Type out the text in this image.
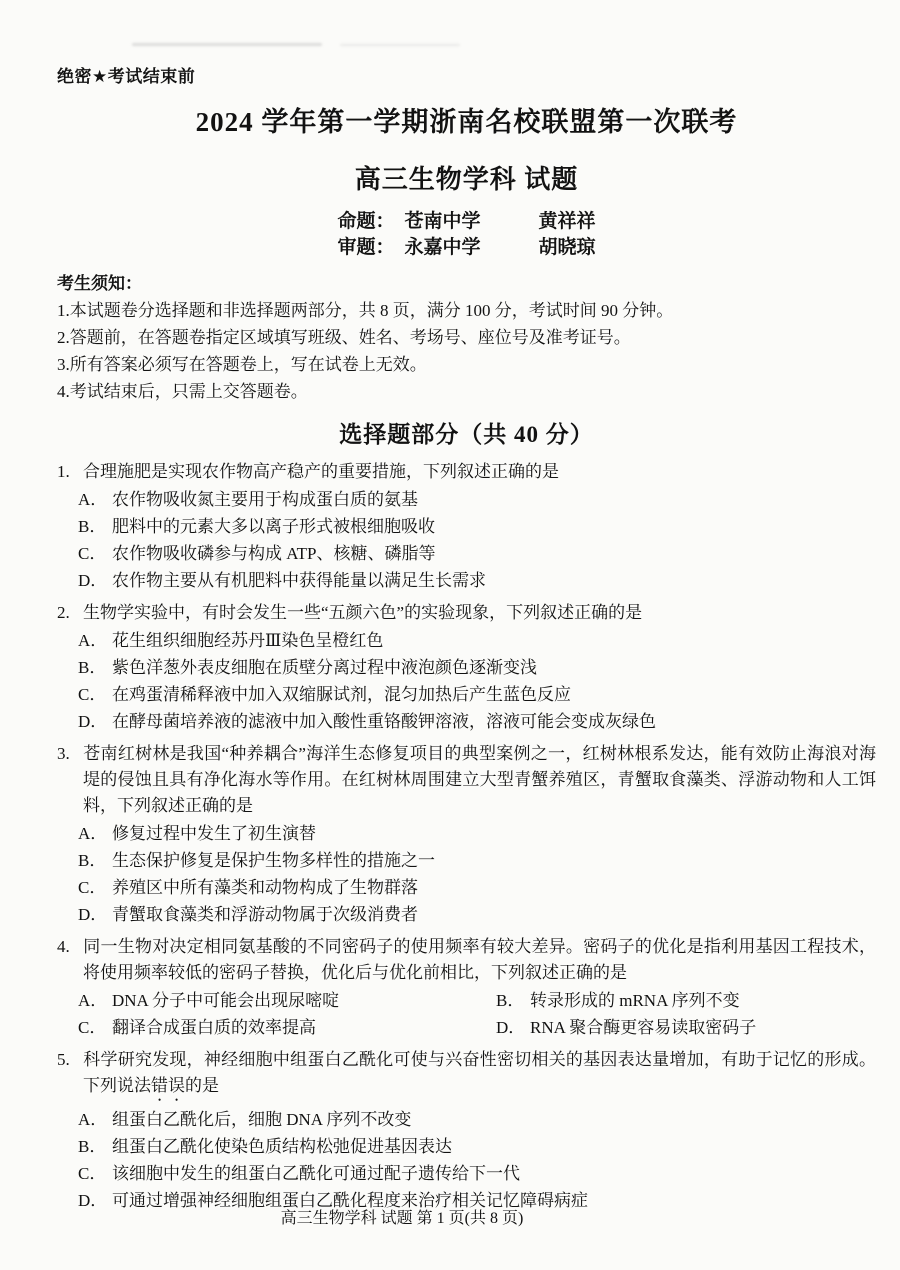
绝密★考试结束前
2024 学年第一学期浙南名校联盟第一次联考
高三生物学科 试题
命题： 苍南中学	黄祥祥
审题： 永嘉中学	胡晓琼
考生须知：
1.本试题卷分选择题和非选择题两部分，共 8 页，满分 100 分，考试时间 90 分钟。
2.答题前，在答题卷指定区域填写班级、姓名、考场号、座位号及准考证号。
3.所有答案必须写在答题卷上，写在试卷上无效。
4.考试结束后，只需上交答题卷。
选择题部分（共 40 分）
1. 合理施肥是实现农作物高产稳产的重要措施，下列叙述正确的是
A． 农作物吸收氮主要用于构成蛋白质的氨基
B． 肥料中的元素大多以离子形式被根细胞吸收
C． 农作物吸收磷参与构成 ATP、核糖、磷脂等
D． 农作物主要从有机肥料中获得能量以满足生长需求
2. 生物学实验中，有时会发生一些“五颜六色”的实验现象，下列叙述正确的是
A． 花生组织细胞经苏丹Ⅲ染色呈橙红色
B． 紫色洋葱外表皮细胞在质壁分离过程中液泡颜色逐渐变浅
C． 在鸡蛋清稀释液中加入双缩脲试剂，混匀加热后产生蓝色反应
D． 在酵母菌培养液的滤液中加入酸性重铬酸钾溶液，溶液可能会变成灰绿色
3. 苍南红树林是我国“种养耦合”海洋生态修复项目的典型案例之一，红树林根系发达，能有效防止海浪对海堤的侵蚀且具有净化海水等作用。在红树林周围建立大型青蟹养殖区，青蟹取食藻类、浮游动物和人工饵料，下列叙述正确的是
A． 修复过程中发生了初生演替
B． 生态保护修复是保护生物多样性的措施之一
C． 养殖区中所有藻类和动物构成了生物群落
D． 青蟹取食藻类和浮游动物属于次级消费者
4. 同一生物对决定相同氨基酸的不同密码子的使用频率有较大差异。密码子的优化是指利用基因工程技术，将使用频率较低的密码子替换，优化后与优化前相比，下列叙述正确的是
A． DNA 分子中可能会出现尿嘧啶	B． 转录形成的 mRNA 序列不变
C． 翻译合成蛋白质的效率提高	D． RNA 聚合酶更容易读取密码子
5. 科学研究发现，神经细胞中组蛋白乙酰化可使与兴奋性密切相关的基因表达量增加，有助于记忆的形成。下列说法错误的是
A． 组蛋白乙酰化后，细胞 DNA 序列不改变
B． 组蛋白乙酰化使染色质结构松弛促进基因表达
C． 该细胞中发生的组蛋白乙酰化可通过配子遗传给下一代
D． 可通过增强神经细胞组蛋白乙酰化程度来治疗相关记忆障碍病症
高三生物学科 试题 第 1 页(共 8 页)
